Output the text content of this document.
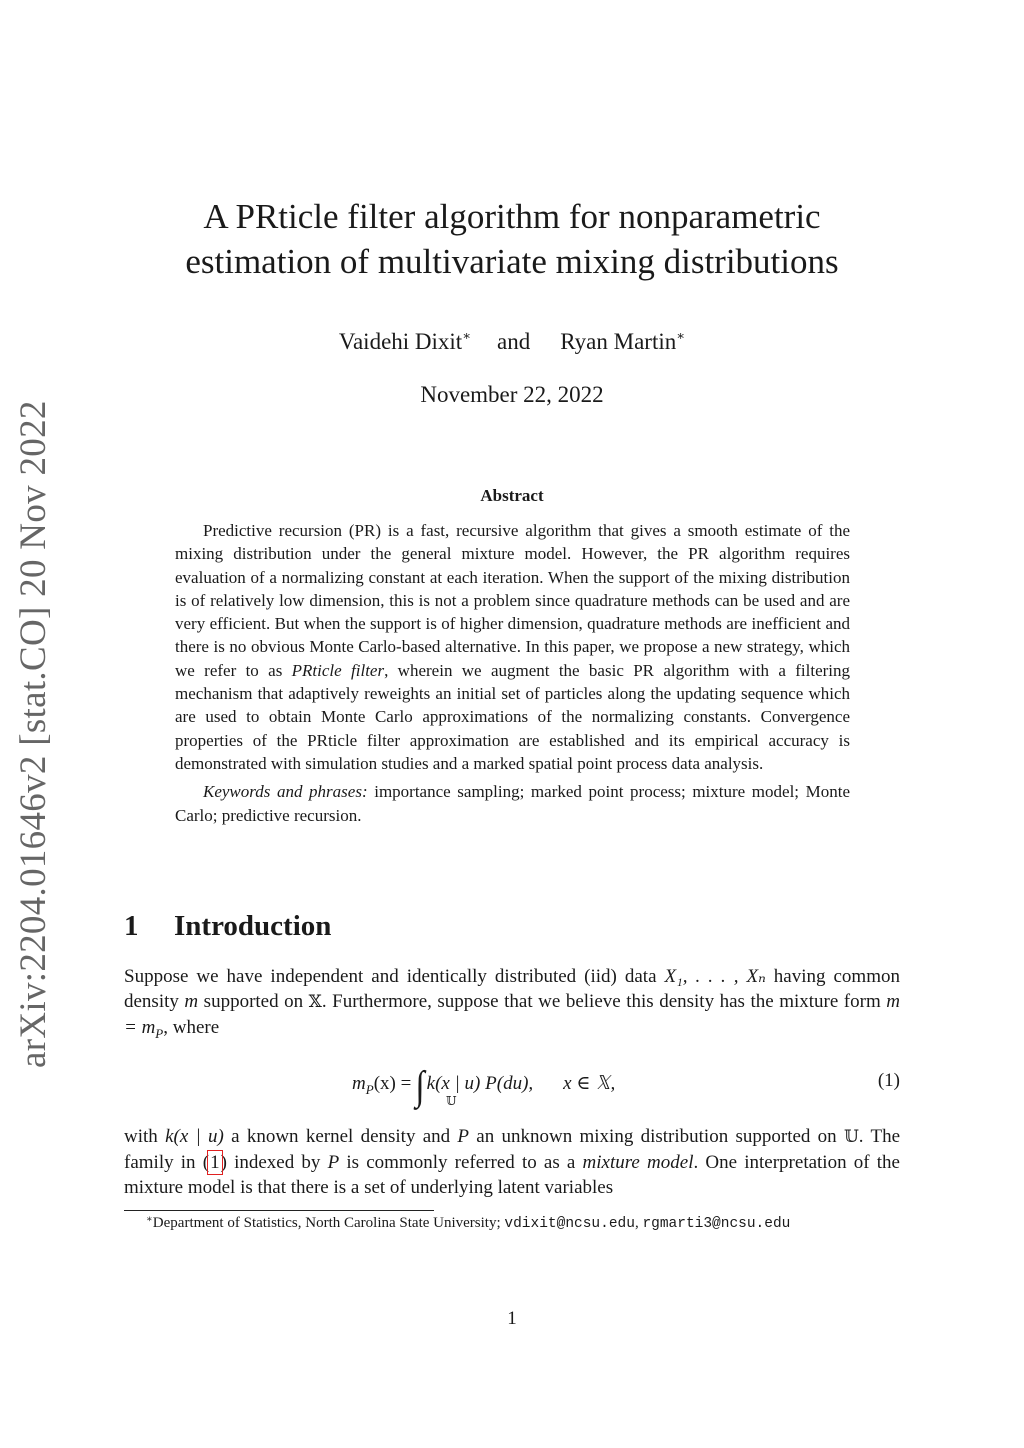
arXiv:2204.01646v2 [stat.CO] 20 Nov 2022
A PRticle filter algorithm for nonparametric
estimation of multivariate mixing distributions
Vaidehi Dixit∗ and Ryan Martin∗
November 22, 2022
Abstract

Predictive recursion (PR) is a fast, recursive algorithm that gives a smooth estimate of the mixing distribution under the general mixture model. However, the PR algorithm requires evaluation of a normalizing constant at each iteration. When the support of the mixing distribution is of relatively low dimension, this is not a problem since quadrature methods can be used and are very efficient. But when the support is of higher dimension, quadrature methods are inefficient and there is no obvious Monte Carlo-based alternative. In this paper, we propose a new strategy, which we refer to as PRticle filter, wherein we augment the basic PR algorithm with a filtering mechanism that adaptively reweights an initial set of particles along the updating sequence which are used to obtain Monte Carlo approximations of the normalizing constants. Convergence properties of the PRticle filter approximation are established and its empirical accuracy is demonstrated with simulation studies and a marked spatial point process data analysis.

Keywords and phrases: importance sampling; marked point process; mixture model; Monte Carlo; predictive recursion.

1 Introduction

Suppose we have independent and identically distributed (iid) data X₁, . . . , Xₙ having common density m supported on 𝕏. Furthermore, suppose that we believe this density has the mixture form $m = m_P$, where

$m_P(x)$ = ∫ k(x | u) P(du), x ∈ 𝕏,
𝕌
(1)

with k(x | u) a known kernel density and P an unknown mixing distribution supported on 𝕌. The family in (1) indexed by P is commonly referred to as a mixture model. One interpretation of the mixture model is that there is a set of underlying latent variables

∗Department of Statistics, North Carolina State University; vdixit@ncsu.edu, rgmarti3@ncsu.edu
1
